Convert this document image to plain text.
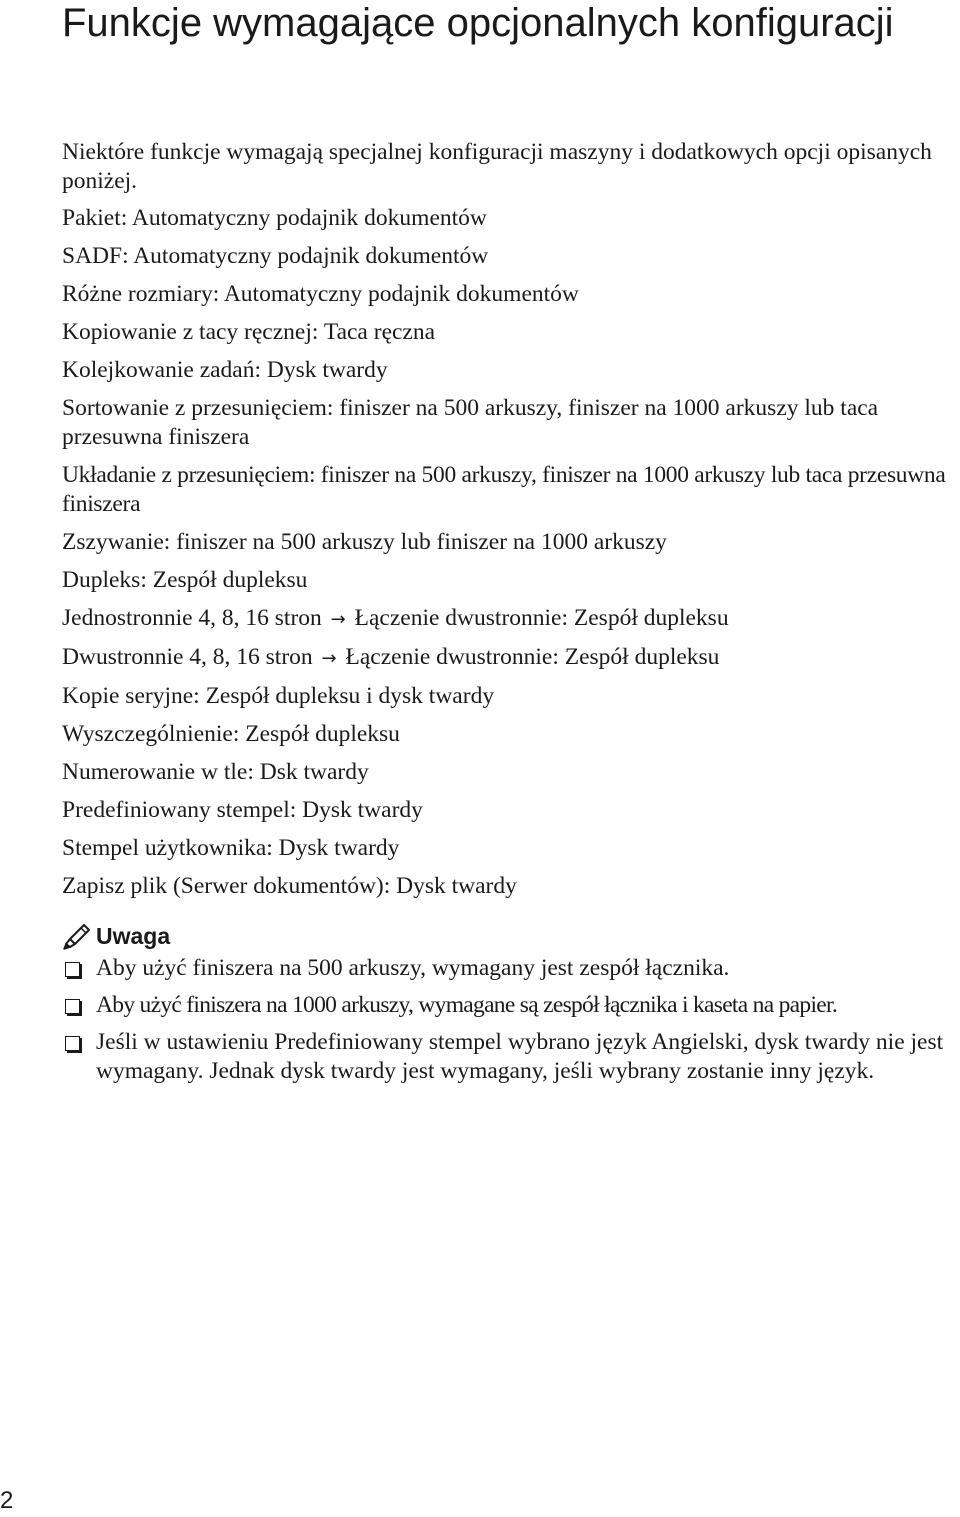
Funkcje wymagające opcjonalnych konfiguracji

Niektóre funkcje wymagają specjalnej konfiguracji maszyny i dodatkowych opcji opisanych poniżej.

Pakiet: Automatyczny podajnik dokumentów
SADF: Automatyczny podajnik dokumentów
Różne rozmiary: Automatyczny podajnik dokumentów
Kopiowanie z tacy ręcznej: Taca ręczna
Kolejkowanie zadań: Dysk twardy
Sortowanie z przesunięciem: finiszer na 500 arkuszy, finiszer na 1000 arkuszy lub taca przesuwna finiszera
Układanie z przesunięciem: finiszer na 500 arkuszy, finiszer na 1000 arkuszy lub taca przesuwna finiszera
Zszywanie: finiszer na 500 arkuszy lub finiszer na 1000 arkuszy
Dupleks: Zespół dupleksu
Jednostronnie 4, 8, 16 stron → Łączenie dwustronnie: Zespół dupleksu
Dwustronnie 4, 8, 16 stron → Łączenie dwustronnie: Zespół dupleksu
Kopie seryjne: Zespół dupleksu i dysk twardy
Wyszczególnienie: Zespół dupleksu
Numerowanie w tle: Dsk twardy
Predefiniowany stempel: Dysk twardy
Stempel użytkownika: Dysk twardy
Zapisz plik (Serwer dokumentów): Dysk twardy
Uwaga
Aby użyć finiszera na 500 arkuszy, wymagany jest zespół łącznika.
Aby użyć finiszera na 1000 arkuszy, wymagane są zespół łącznika i kaseta na papier.
Jeśli w ustawieniu Predefiniowany stempel wybrano język Angielski, dysk twardy nie jest wymagany. Jednak dysk twardy jest wymagany, jeśli wybrany zostanie inny język.
2
